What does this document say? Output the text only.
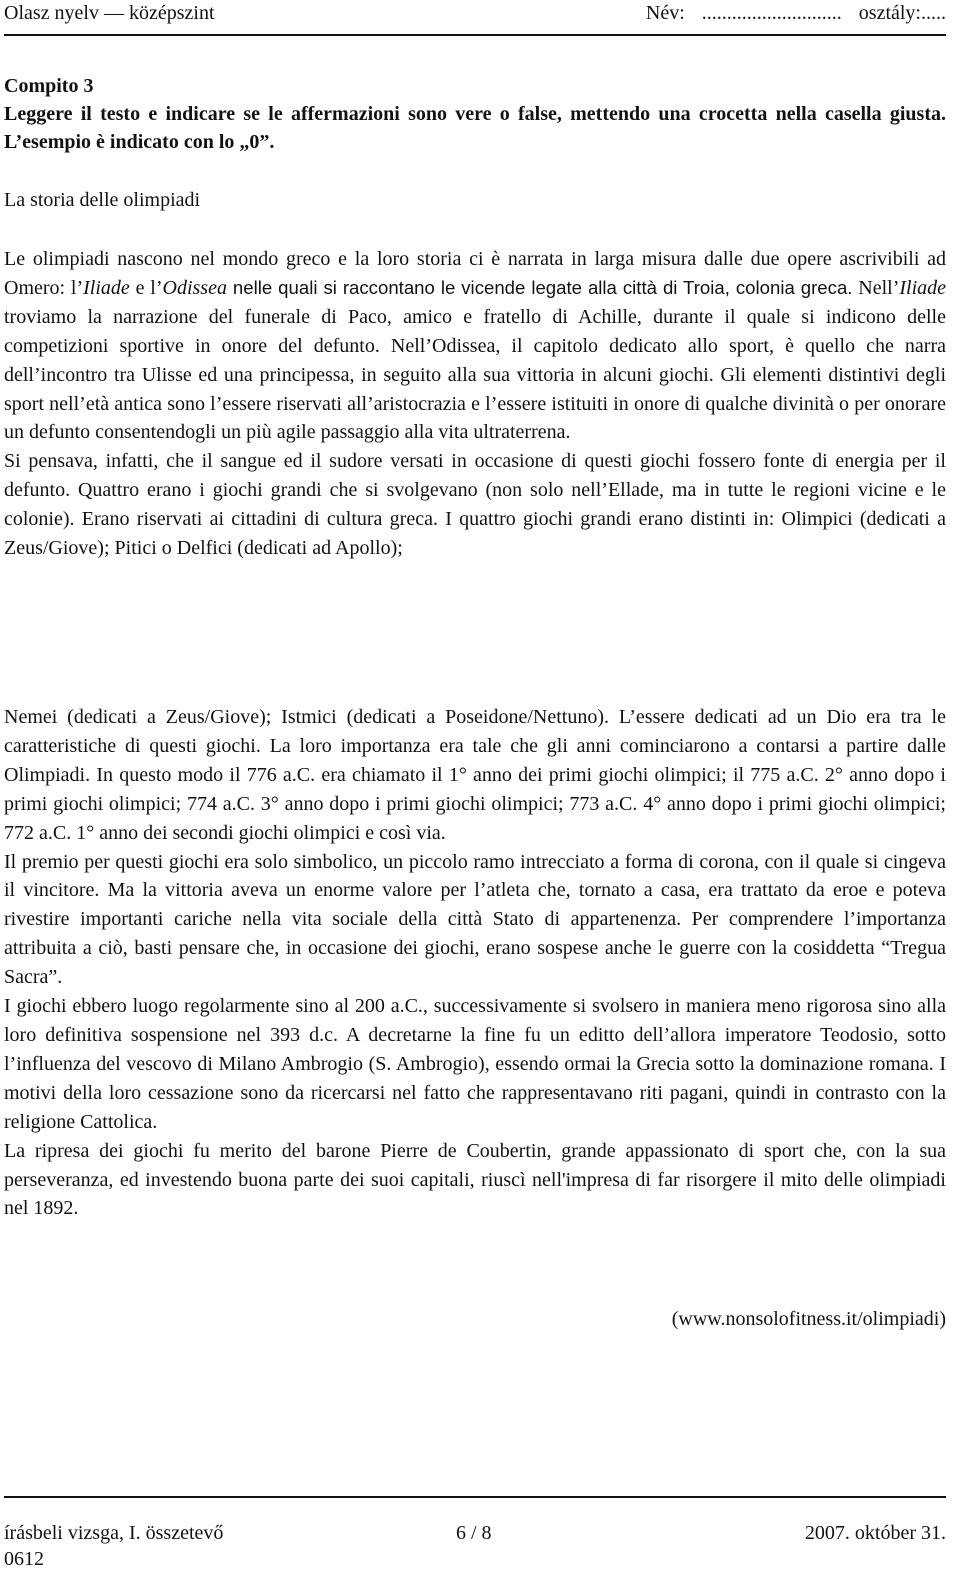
Olasz nyelv — középszint	Név: ............................ osztály:.....
Compito 3
Leggere il testo e indicare se le affermazioni sono vere o false, mettendo una crocetta nella casella giusta. L’esempio è indicato con lo „0”.
La storia delle olimpiadi

Le olimpiadi nascono nel mondo greco e la loro storia ci è narrata in larga misura dalle due opere ascrivibili ad Omero: l’Iliade e l’Odissea nelle quali si raccontano le vicende legate alla città di Troia, colonia greca. Nell’Iliade troviamo la narrazione del funerale di Paco, amico e fratello di Achille, durante il quale si indicono delle competizioni sportive in onore del defunto. Nell’Odissea, il capitolo dedicato allo sport, è quello che narra dell’incontro tra Ulisse ed una principessa, in seguito alla sua vittoria in alcuni giochi. Gli elementi distintivi degli sport nell’età antica sono l’essere riservati all’aristocrazia e l’essere istituiti in onore di qualche divinità o per onorare un defunto consentendogli un più agile passaggio alla vita ultraterrena.

Si pensava, infatti, che il sangue ed il sudore versati in occasione di questi giochi fossero fonte di energia per il defunto. Quattro erano i giochi grandi che si svolgevano (non solo nell’Ellade, ma in tutte le regioni vicine e le colonie). Erano riservati ai cittadini di cultura greca. I quattro giochi grandi erano distinti in: Olimpici (dedicati a Zeus/Giove); Pitici o Delfici (dedicati ad Apollo);

Nemei (dedicati a Zeus/Giove); Istmici (dedicati a Poseidone/Nettuno). L’essere dedicati ad un Dio era tra le caratteristiche di questi giochi. La loro importanza era tale che gli anni cominciarono a contarsi a partire dalle Olimpiadi. In questo modo il 776 a.C. era chiamato il 1° anno dei primi giochi olimpici; il 775 a.C. 2° anno dopo i primi giochi olimpici; 774 a.C. 3° anno dopo i primi giochi olimpici; 773 a.C. 4° anno dopo i primi giochi olimpici; 772 a.C. 1° anno dei secondi giochi olimpici e così via.

Il premio per questi giochi era solo simbolico, un piccolo ramo intrecciato a forma di corona, con il quale si cingeva il vincitore. Ma la vittoria aveva un enorme valore per l’atleta che, tornato a casa, era trattato da eroe e poteva rivestire importanti cariche nella vita sociale della città Stato di appartenenza. Per comprendere l’importanza attribuita a ciò, basti pensare che, in occasione dei giochi, erano sospese anche le guerre con la cosiddetta “Tregua Sacra”.

I giochi ebbero luogo regolarmente sino al 200 a.C., successivamente si svolsero in maniera meno rigorosa sino alla loro definitiva sospensione nel 393 d.c. A decretarne la fine fu un editto dell’allora imperatore Teodosio, sotto l’influenza del vescovo di Milano Ambrogio (S. Ambrogio), essendo ormai la Grecia sotto la dominazione romana. I motivi della loro cessazione sono da ricercarsi nel fatto che rappresentavano riti pagani, quindi in contrasto con la religione Cattolica.

La ripresa dei giochi fu merito del barone Pierre de Coubertin, grande appassionato di sport che, con la sua perseveranza, ed investendo buona parte dei suoi capitali, riuscì nell'impresa di far risorgere il mito delle olimpiadi nel 1892.

(www.nonsolofitness.it/olimpiadi)
írásbeli vizsga, I. összetevő	6 / 8	2007. október 31.
0612
